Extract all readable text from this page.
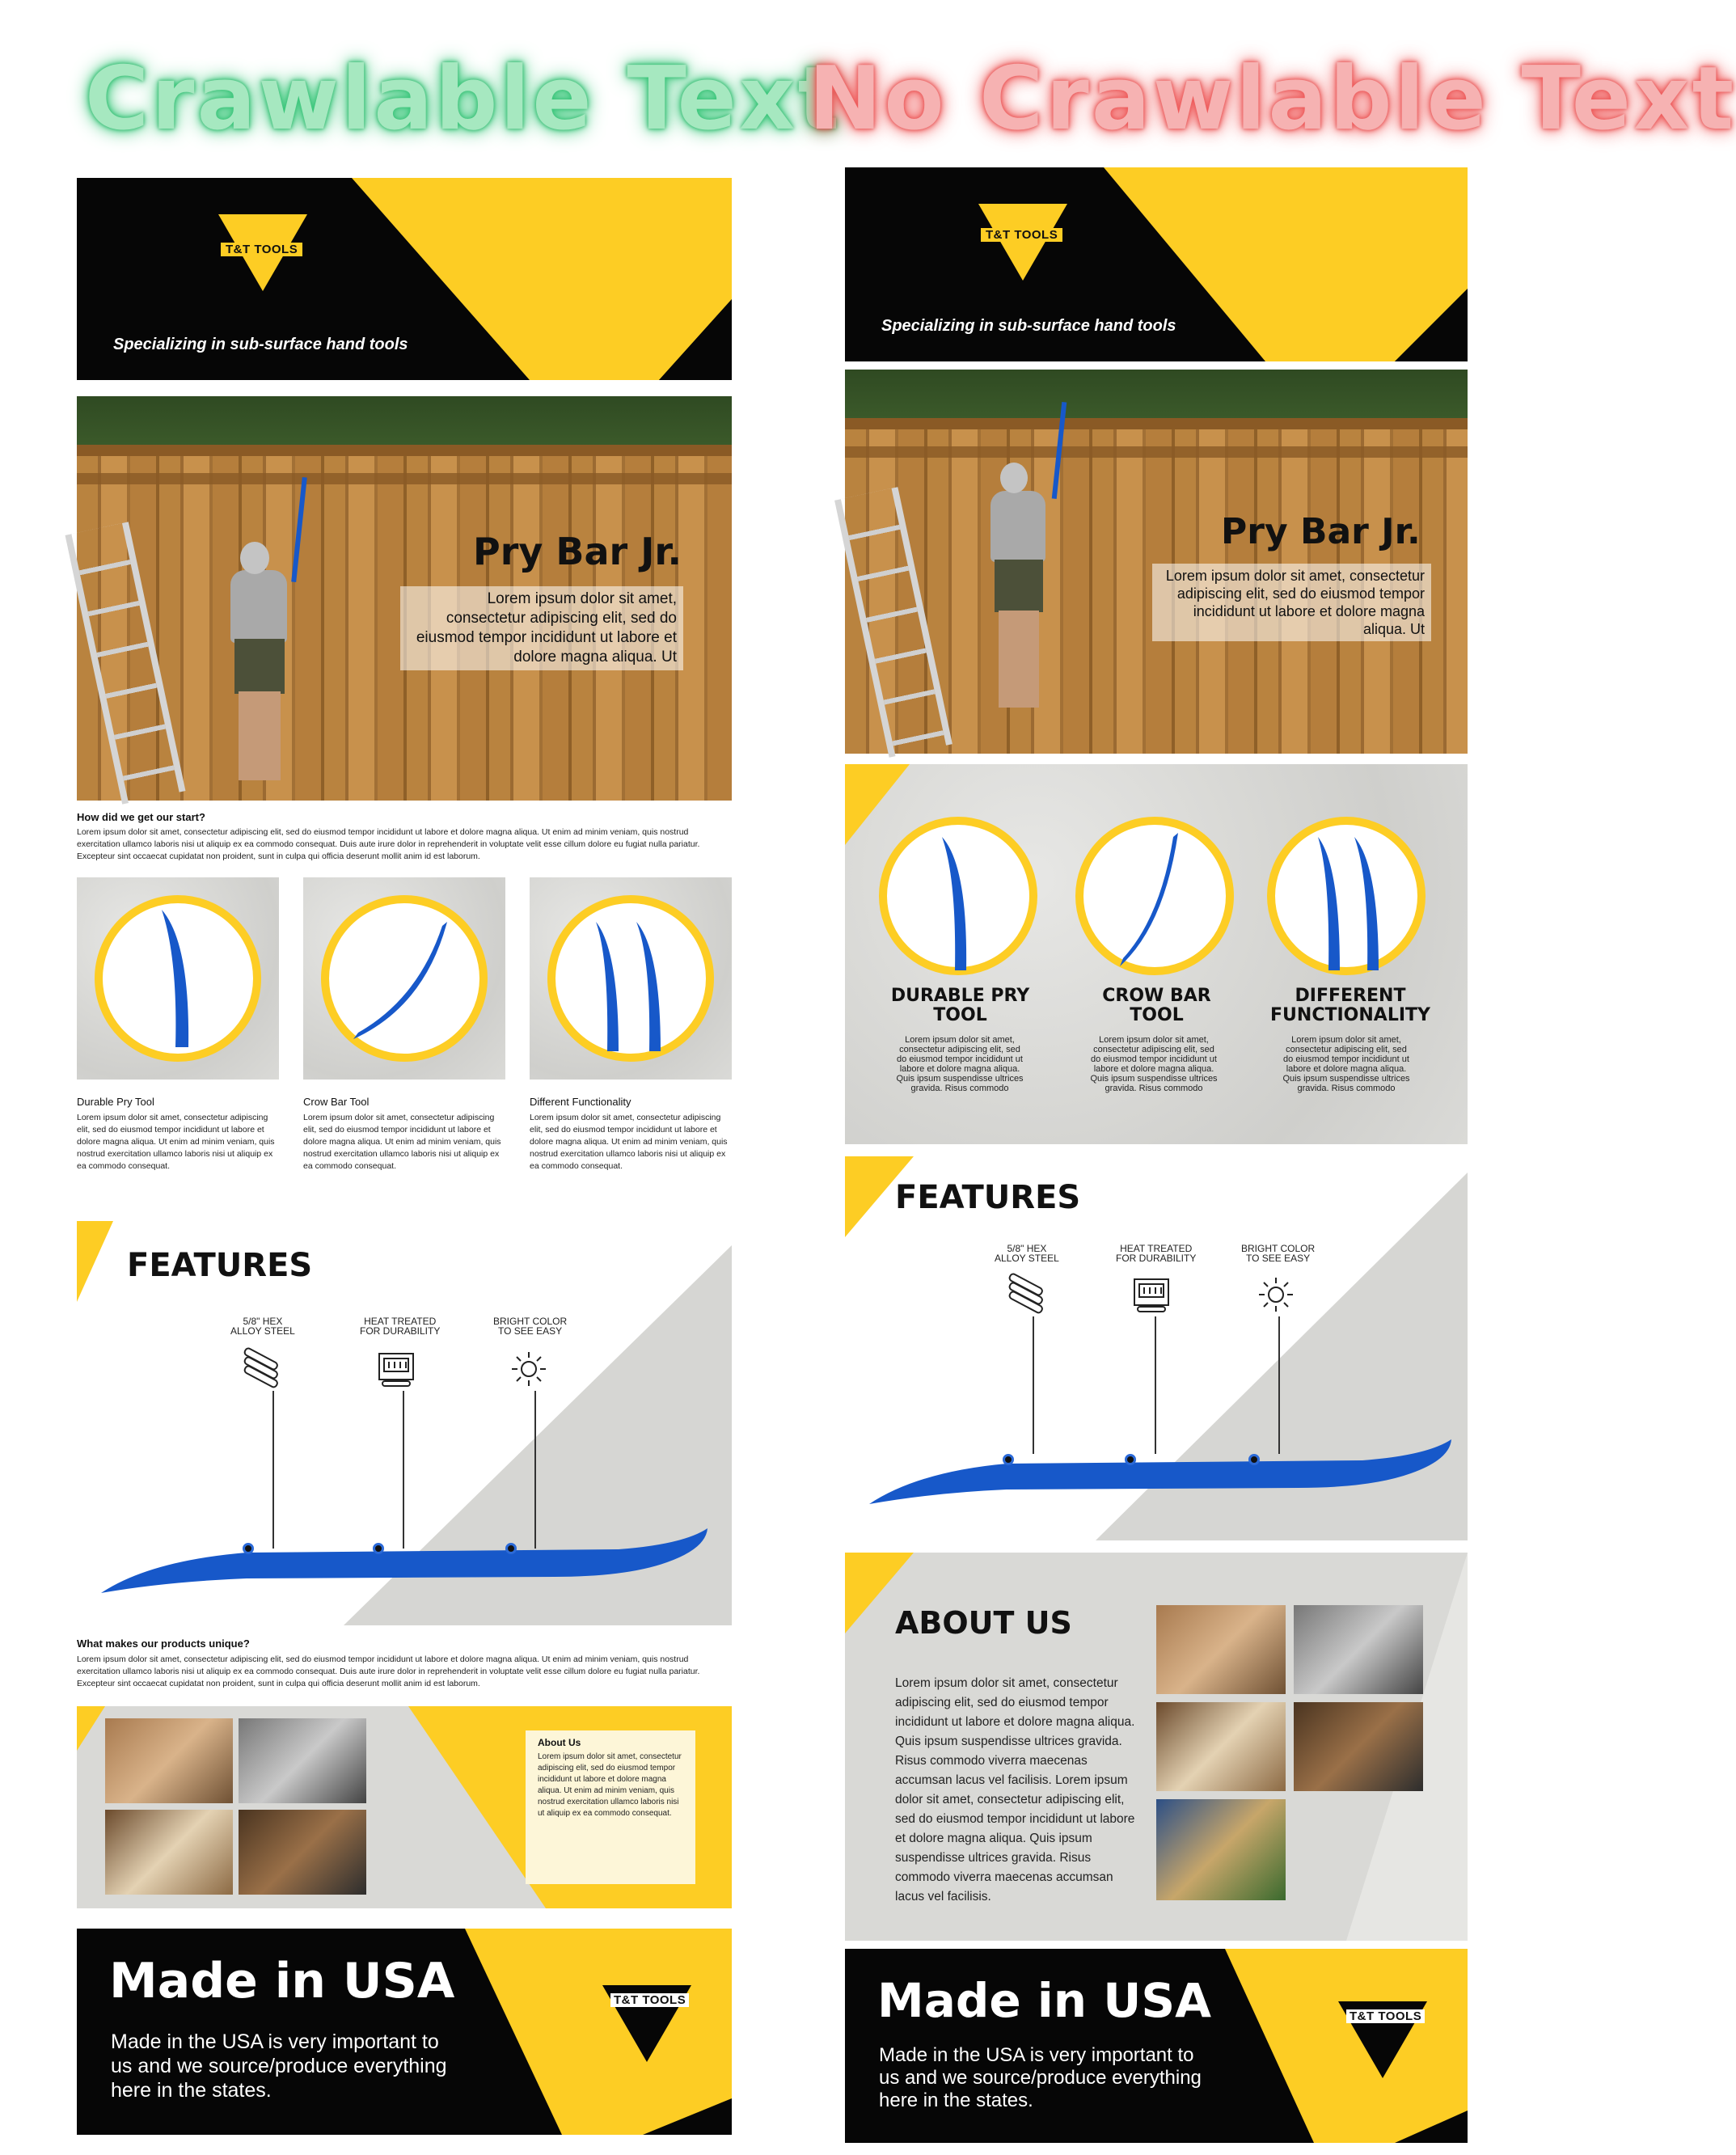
Crawlable Text
No Crawlable Text
T&T TOOLS
Specializing in sub-surface hand tools
Pry Bar Jr.
Lorem ipsum dolor sit amet, consectetur adipiscing elit, sed do eiusmod tempor incididunt ut labore et dolore magna aliqua. Ut
How did we get our start?
Lorem ipsum dolor sit amet, consectetur adipiscing elit, sed do eiusmod tempor incididunt ut labore et dolore magna aliqua. Ut enim ad minim veniam, quis nostrud exercitation ullamco laboris nisi ut aliquip ex ea commodo consequat. Duis aute irure dolor in reprehenderit in voluptate velit esse cillum dolore eu fugiat nulla pariatur. Excepteur sint occaecat cupidatat non proident, sunt in culpa qui officia deserunt mollit anim id est laborum.
Durable Pry Tool
Lorem ipsum dolor sit amet, consectetur adipiscing elit, sed do eiusmod tempor incididunt ut labore et dolore magna aliqua. Ut enim ad minim veniam, quis nostrud exercitation ullamco laboris nisi ut aliquip ex ea commodo consequat.
Crow Bar Tool
Lorem ipsum dolor sit amet, consectetur adipiscing elit, sed do eiusmod tempor incididunt ut labore et dolore magna aliqua. Ut enim ad minim veniam, quis nostrud exercitation ullamco laboris nisi ut aliquip ex ea commodo consequat.
Different Functionality
Lorem ipsum dolor sit amet, consectetur adipiscing elit, sed do eiusmod tempor incididunt ut labore et dolore magna aliqua. Ut enim ad minim veniam, quis nostrud exercitation ullamco laboris nisi ut aliquip ex ea commodo consequat.
FEATURES
5/8" HEX
ALLOY STEEL
HEAT TREATED
FOR DURABILITY
BRIGHT COLOR
TO SEE EASY
What makes our products unique?
Lorem ipsum dolor sit amet, consectetur adipiscing elit, sed do eiusmod tempor incididunt ut labore et dolore magna aliqua. Ut enim ad minim veniam, quis nostrud exercitation ullamco laboris nisi ut aliquip ex ea commodo consequat. Duis aute irure dolor in reprehenderit in voluptate velit esse cillum dolore eu fugiat nulla pariatur. Excepteur sint occaecat cupidatat non proident, sunt in culpa qui officia deserunt mollit anim id est laborum.
About Us
Lorem ipsum dolor sit amet, consectetur adipiscing elit, sed do eiusmod tempor incididunt ut labore et dolore magna aliqua. Ut enim ad minim veniam, quis nostrud exercitation ullamco laboris nisi ut aliquip ex ea commodo consequat.
Made in USA
Made in the USA is very important to
us and we source/produce everything
here in the states.
T&T TOOLS
T&T TOOLS
Specializing in sub-surface hand tools
Pry Bar Jr.
Lorem ipsum dolor sit amet, consectetur adipiscing elit, sed do eiusmod tempor incididunt ut labore et dolore magna aliqua. Ut
DURABLE PRY TOOL
CROW BAR TOOL
DIFFERENT FUNCTIONALITY
Lorem ipsum dolor sit amet, consectetur adipiscing elit, sed do eiusmod tempor incididunt ut labore et dolore magna aliqua. Quis ipsum suspendisse ultrices gravida. Risus commodo
Lorem ipsum dolor sit amet, consectetur adipiscing elit, sed do eiusmod tempor incididunt ut labore et dolore magna aliqua. Quis ipsum suspendisse ultrices gravida. Risus commodo
Lorem ipsum dolor sit amet, consectetur adipiscing elit, sed do eiusmod tempor incididunt ut labore et dolore magna aliqua. Quis ipsum suspendisse ultrices gravida. Risus commodo
FEATURES
5/8" HEX
ALLOY STEEL
HEAT TREATED
FOR DURABILITY
BRIGHT COLOR
TO SEE EASY
ABOUT US
Lorem ipsum dolor sit amet, consectetur adipiscing elit, sed do eiusmod tempor incididunt ut labore et dolore magna aliqua. Quis ipsum suspendisse ultrices gravida. Risus commodo viverra maecenas accumsan lacus vel facilisis. Lorem ipsum dolor sit amet, consectetur adipiscing elit, sed do eiusmod tempor incididunt ut labore et dolore magna aliqua. Quis ipsum suspendisse ultrices gravida. Risus commodo viverra maecenas accumsan lacus vel facilisis.
Made in USA
Made in the USA is very important to
us and we source/produce everything
here in the states.
T&T TOOLS
